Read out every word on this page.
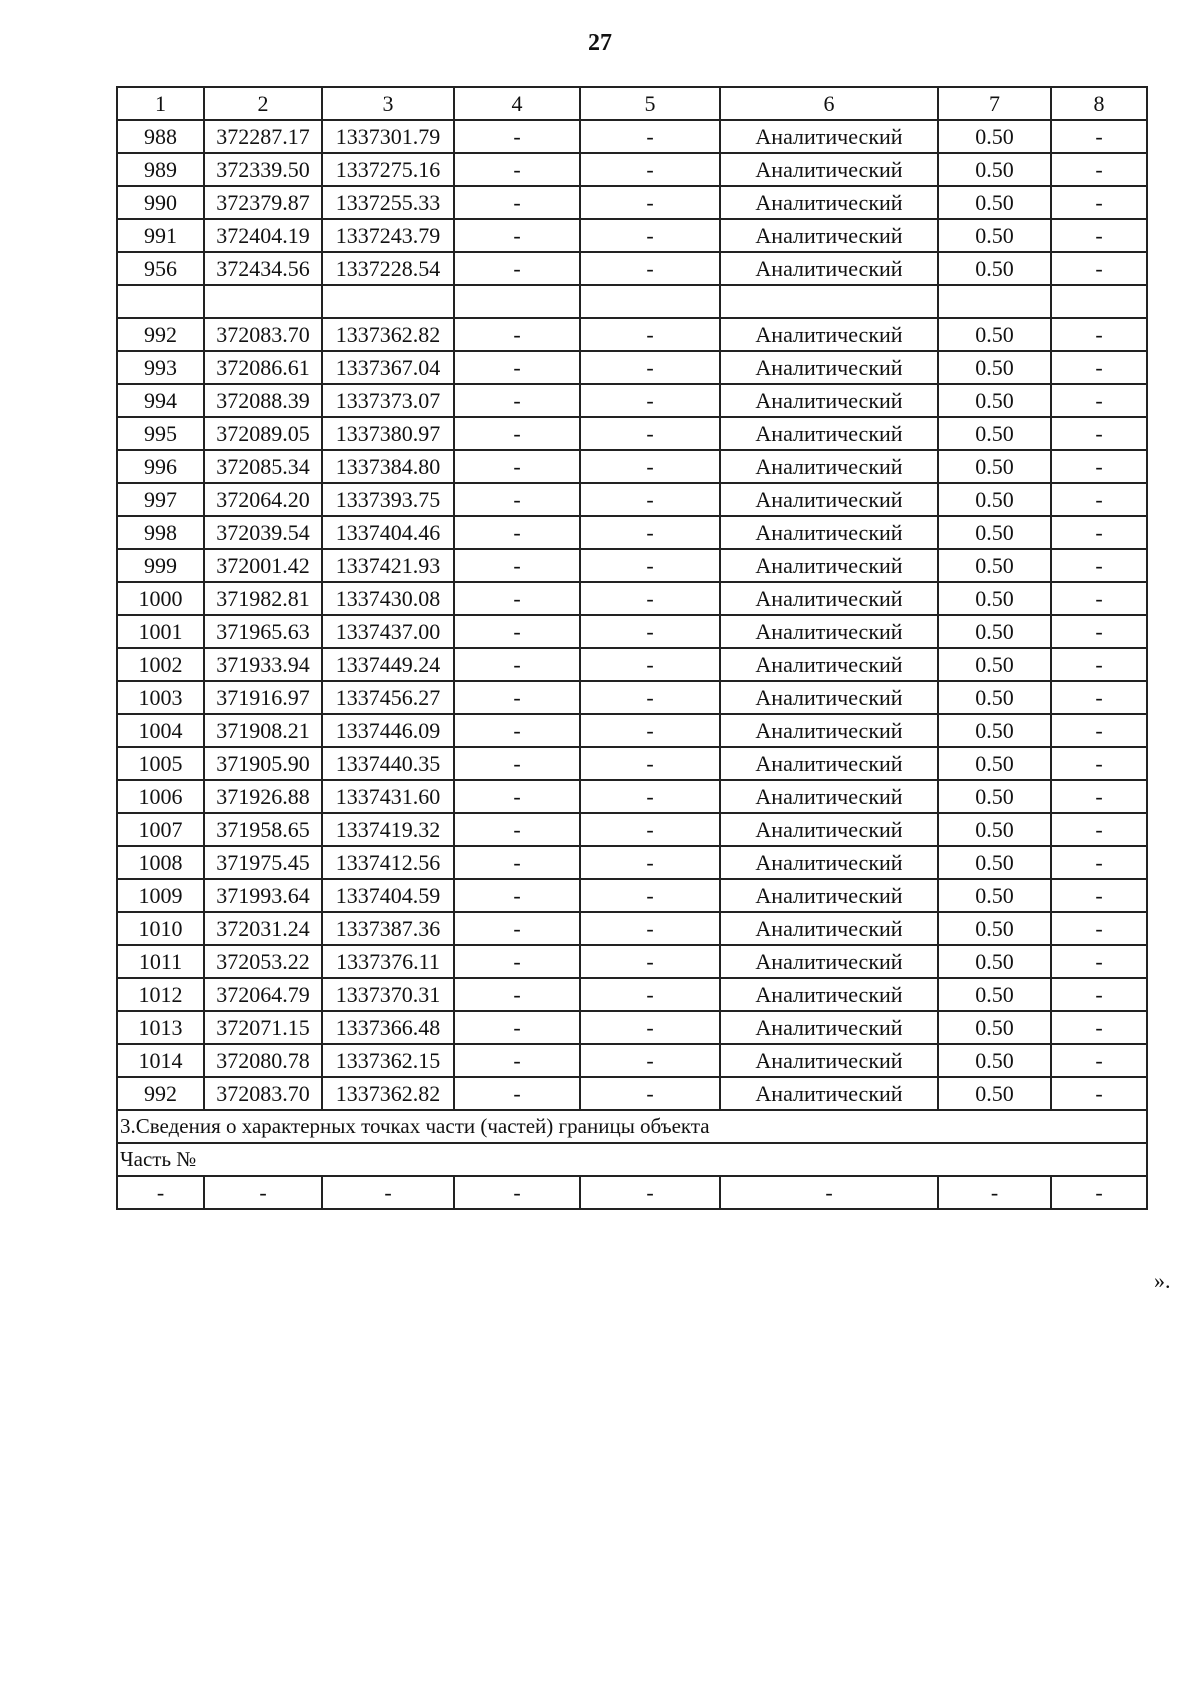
27
1	2	3	4	5	6	7	8
988	372287.17	1337301.79	-	-	Аналитический	0.50	-
989	372339.50	1337275.16	-	-	Аналитический	0.50	-
990	372379.87	1337255.33	-	-	Аналитический	0.50	-
991	372404.19	1337243.79	-	-	Аналитический	0.50	-
956	372434.56	1337228.54	-	-	Аналитический	0.50	-

992	372083.70	1337362.82	-	-	Аналитический	0.50	-
993	372086.61	1337367.04	-	-	Аналитический	0.50	-
994	372088.39	1337373.07	-	-	Аналитический	0.50	-
995	372089.05	1337380.97	-	-	Аналитический	0.50	-
996	372085.34	1337384.80	-	-	Аналитический	0.50	-
997	372064.20	1337393.75	-	-	Аналитический	0.50	-
998	372039.54	1337404.46	-	-	Аналитический	0.50	-
999	372001.42	1337421.93	-	-	Аналитический	0.50	-
1000	371982.81	1337430.08	-	-	Аналитический	0.50	-
1001	371965.63	1337437.00	-	-	Аналитический	0.50	-
1002	371933.94	1337449.24	-	-	Аналитический	0.50	-
1003	371916.97	1337456.27	-	-	Аналитический	0.50	-
1004	371908.21	1337446.09	-	-	Аналитический	0.50	-
1005	371905.90	1337440.35	-	-	Аналитический	0.50	-
1006	371926.88	1337431.60	-	-	Аналитический	0.50	-
1007	371958.65	1337419.32	-	-	Аналитический	0.50	-
1008	371975.45	1337412.56	-	-	Аналитический	0.50	-
1009	371993.64	1337404.59	-	-	Аналитический	0.50	-
1010	372031.24	1337387.36	-	-	Аналитический	0.50	-
1011	372053.22	1337376.11	-	-	Аналитический	0.50	-
1012	372064.79	1337370.31	-	-	Аналитический	0.50	-
1013	372071.15	1337366.48	-	-	Аналитический	0.50	-
1014	372080.78	1337362.15	-	-	Аналитический	0.50	-
992	372083.70	1337362.82	-	-	Аналитический	0.50	-
3.Сведения о характерных точках части (частей) границы объекта							
Часть №							
-	-	-	-	-	-	-	-
».
